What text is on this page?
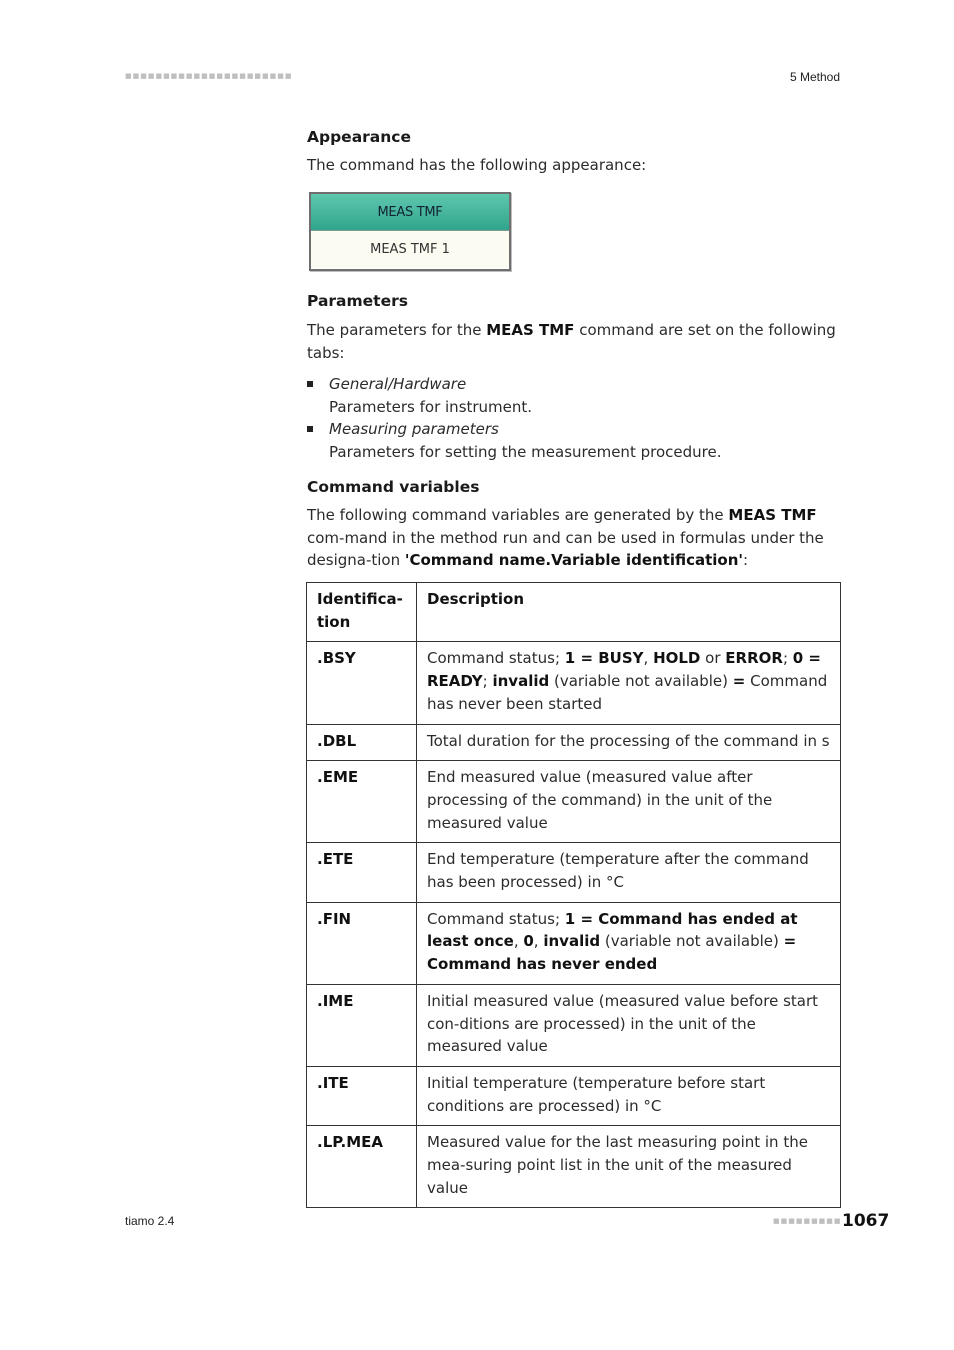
■■■■■■■■■■■■■■■■■■■■■■	5 Method
Appearance
The command has the following appearance:
MEAS TMF
MEAS TMF 1
Parameters
The parameters for the MEAS TMF command are set on the following tabs:
General/Hardware
Parameters for instrument.
Measuring parameters
Parameters for setting the measurement procedure.
Command variables
The following command variables are generated by the MEAS TMF com-mand in the method run and can be used in formulas under the designa-tion 'Command name.Variable identification':
Identifica-tion	Description
.BSY	Command status; 1 = BUSY, HOLD or ERROR; 0 = READY; invalid (variable not available) = Command has never been started
.DBL	Total duration for the processing of the command in s
.EME	End measured value (measured value after processing of the command) in the unit of the measured value
.ETE	End temperature (temperature after the command has been processed) in °C
.FIN	Command status; 1 = Command has ended at least once, 0, invalid (variable not available) = Command has never ended
.IME	Initial measured value (measured value before start con-ditions are processed) in the unit of the measured value
.ITE	Initial temperature (temperature before start conditions are processed) in °C
.LP.MEA	Measured value for the last measuring point in the mea-suring point list in the unit of the measured value
tiamo 2.4	■■■■■■■■■ 1067
